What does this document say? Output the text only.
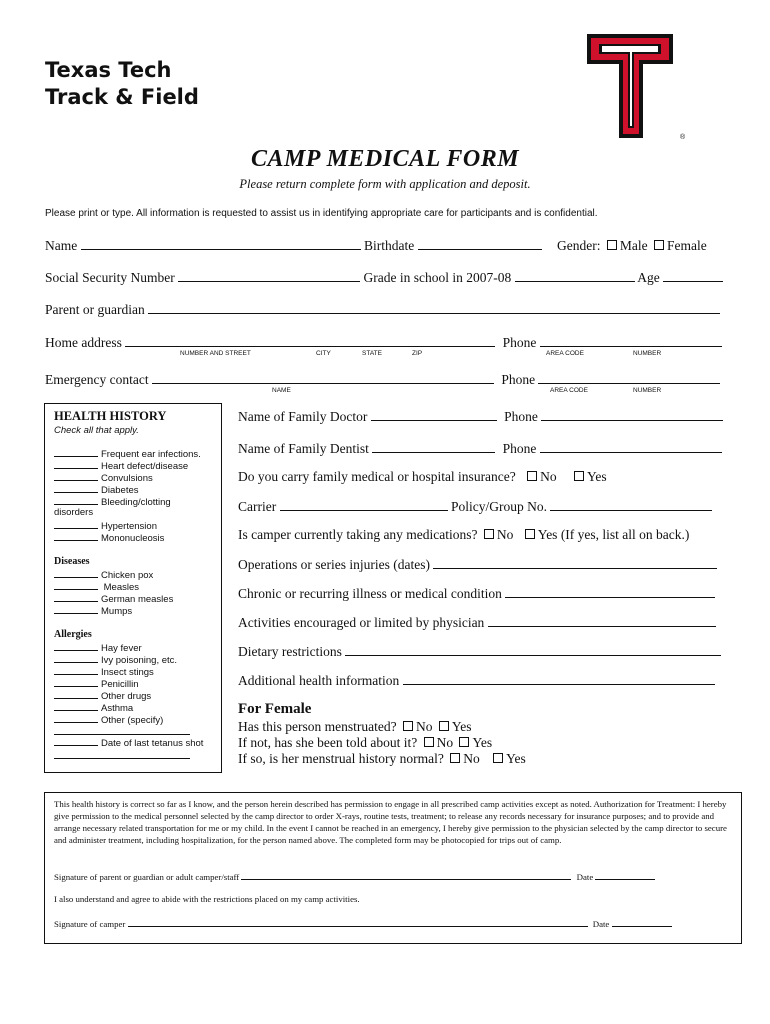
Texas Tech
Track & Field
®
CAMP MEDICAL FORM
Please return complete form with application and deposit.
Please print or type. All information is requested to assist us in identifying appropriate care for participants and is confidential.
Name	Birthdate	Gender: Male Female
Social Security Number	Grade in school in 2007-08	Age
Parent or guardian
Home address	Phone
NUMBER AND STREET	CITY	STATE	ZIP	AREA CODE	NUMBER
Emergency contact	Phone
NAME	AREA CODE	NUMBER
HEALTH HISTORY
Check all that apply.
Frequent ear infections.
Heart defect/disease
Convulsions
Diabetes
Bleeding/clotting
disorders
Hypertension
Mononucleosis
Diseases
Chicken pox
Measles
German measles
Mumps
Allergies
Hay fever
Ivy poisoning, etc.
Insect stings
Penicillin
Other drugs
Asthma
Other (specify)
Date of last tetanus shot
Name of Family Doctor	Phone
Name of Family Dentist	Phone
Do you carry family medical or hospital insurance? No Yes
Carrier	Policy/Group No.
Is camper currently taking any medications? No Yes (If yes, list all on back.)
Operations or series injuries (dates)
Chronic or recurring illness or medical condition
Activities encouraged or limited by physician
Dietary restrictions
Additional health information
For Female
Has this person menstruated? No Yes
If not, has she been told about it? No Yes
If so, is her menstrual history normal? No Yes
This health history is correct so far as I know, and the person herein described has permission to engage in all prescribed camp activities except as noted. Authorization for Treatment: I hereby give permission to the medical personnel selected by the camp director to order X-rays, routine tests, treatment; to release any records necessary for insurance purposes; and to provide and arrange necessary related transportation for me or my child. In the event I cannot be reached in an emergency, I hereby give permission to the physician selected by the camp director to secure and administer treatment, including hospitalization, for the person named above. The completed form may be photocopied for trips out of camp.
Signature of parent or guardian or adult camper/staff	Date
I also understand and agree to abide with the restrictions placed on my camp activities.
Signature of camper	Date
